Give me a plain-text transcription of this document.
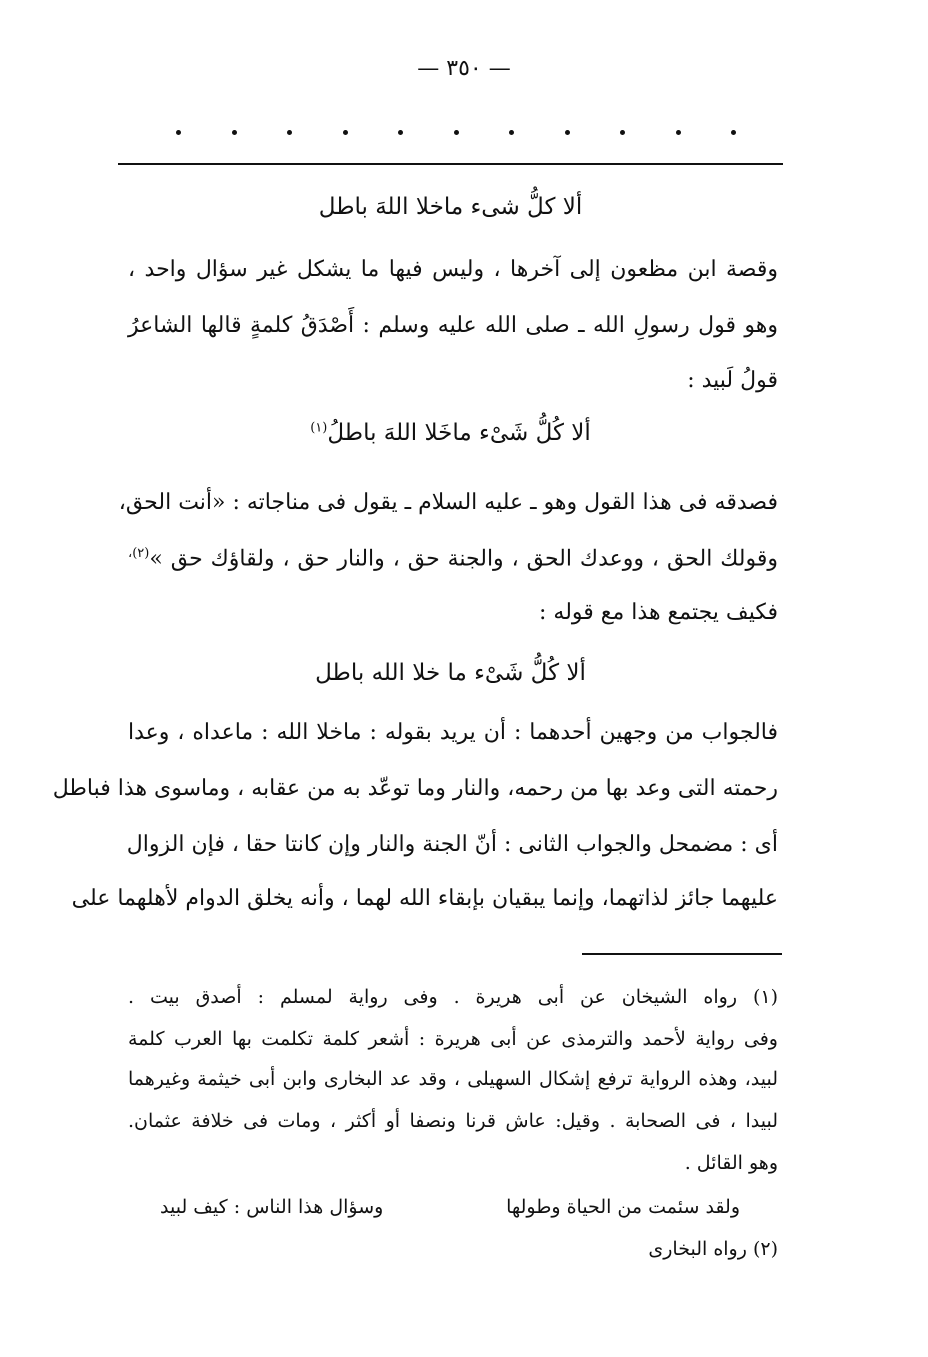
— ٣٥٠ —
ألا كلُّ شىء ماخلا اللهَ باطل
وقصة ابن مظعون إلى آخرها ، وليس فيها ما يشكل غير سؤال واحد ،
وهو قول رسولِ الله ـ صلى الله عليه وسلم : أَصْدَقُ كلمةٍ قالها الشاعرُ
قولُ لَبيد :
ألا كُلُّ شَىْء ماخَلا اللهَ باطلُ$^{(١)}$
فصدقه فى هذا القول وهو ـ عليه السلام ـ يقول فى مناجاته : «أنت الحق،
وقولك الحق ، ووعدك الحق ، والجنة حق ، والنار حق ، ولقاؤك حق »$^{(٢)،}$
فكيف يجتمع هذا مع قوله :
ألا كُلُّ شَىْء ما خلا الله باطل
فالجواب من وجهين أحدهما : أن يريد بقوله : ماخلا الله : ماعداه ، وعدا
رحمته التى وعد بها من رحمه، والنار وما توعّد به من عقابه ، وماسوى هذا فباطل
أى : مضمحل والجواب الثانى : أنّ الجنة والنار وإن كانتا حقا ، فإن الزوال
عليهما جائز لذاتهما، وإنما يبقيان بإبقاء الله لهما ، وأنه يخلق الدوام لأهلهما على
(١) رواه الشيخان عن أبى هريرة . وفى رواية لمسلم : أصدق بيت .
وفى رواية لأحمد والترمذى عن أبى هريرة : أشعر كلمة تكلمت بها العرب كلمة
لبيد، وهذه الرواية ترفع إشكال السهيلى ، وقد عد البخارى وابن أبى خيثمة وغيرهما
لبيدا ، فى الصحابة . وقيل: عاش قرنا ونصفا أو أكثر ، ومات فى خلافة عثمان.
وهو القائل .
ولقد سئمت من الحياة وطولها
وسؤال هذا الناس : كيف لبيد
(٢) رواه البخارى
